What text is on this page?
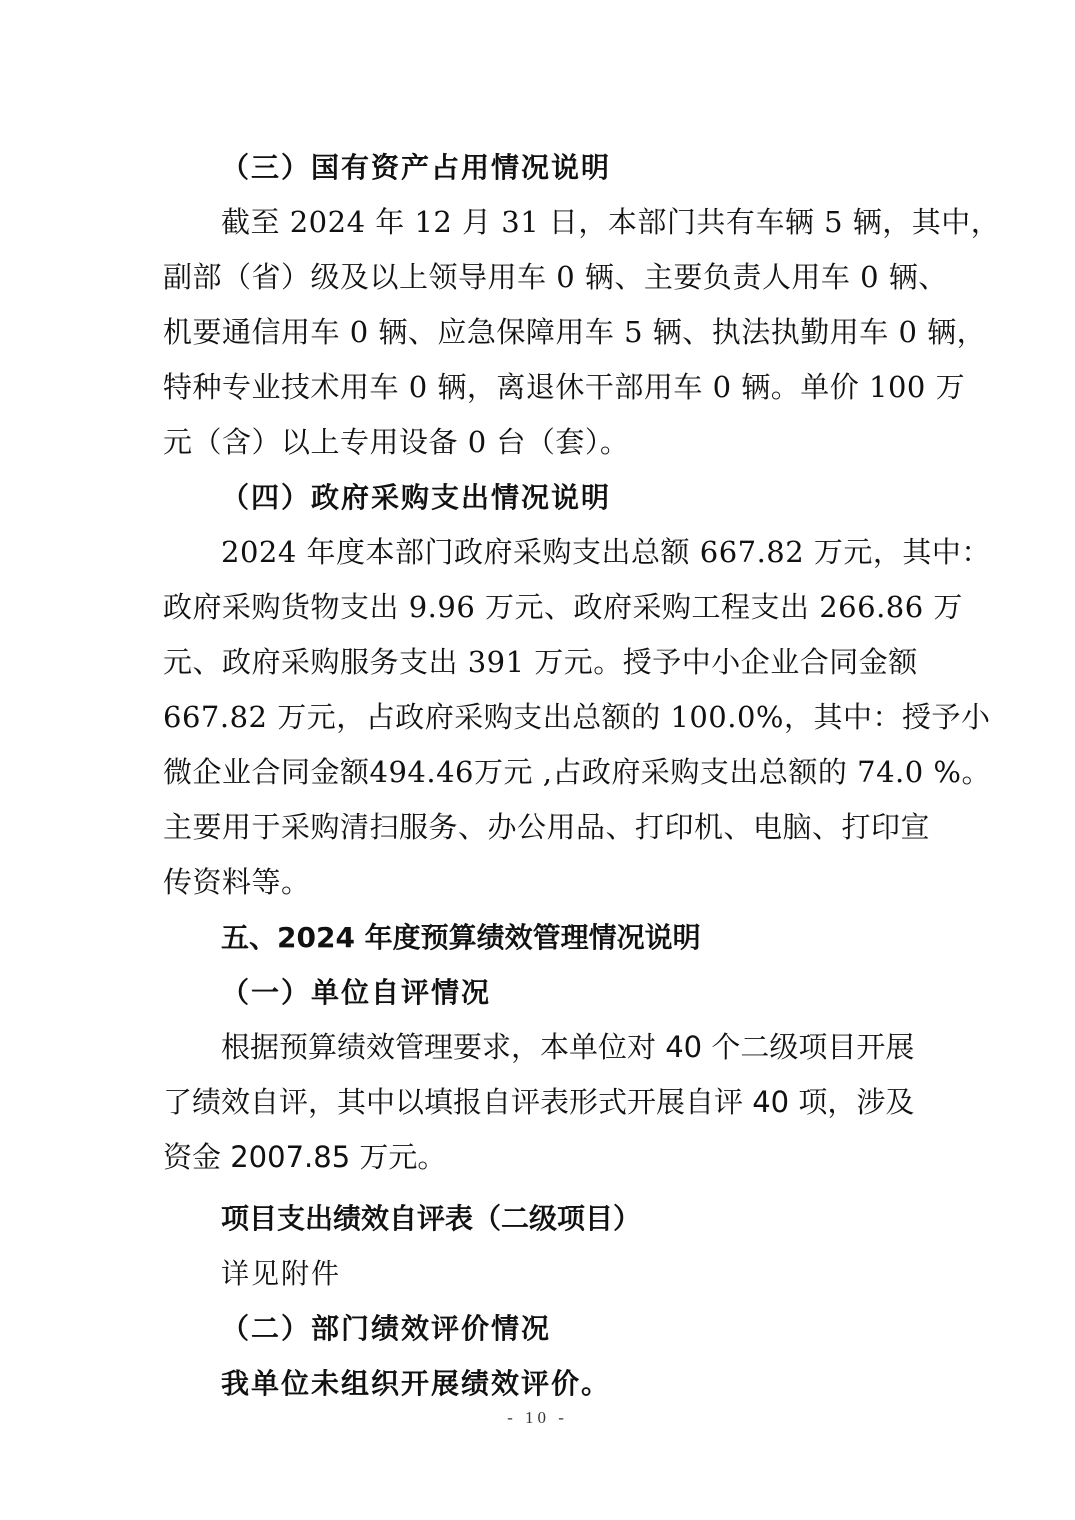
（三）国有资产占用情况说明

截至 2024 年 12 月 31 日，本部门共有车辆 5 辆，其中，

副部（省）级及以上领导用车 0 辆、主要负责人用车 0 辆、

机要通信用车 0 辆、应急保障用车 5 辆、执法执勤用车 0 辆，

特种专业技术用车 0 辆，离退休干部用车 0 辆。单价 100 万

元（含）以上专用设备 0 台（套）。

（四）政府采购支出情况说明

2024 年度本部门政府采购支出总额 667.82 万元，其中：

政府采购货物支出 9.96 万元、政府采购工程支出 266.86 万

元、政府采购服务支出 391 万元。授予中小企业合同金额

667.82 万元，占政府采购支出总额的 100.0%，其中：授予小

微企业合同金额494.46万元 ,占政府采购支出总额的 74.0 %。

主要用于采购清扫服务、办公用品、打印机、电脑、打印宣

传资料等。

五、2024 年度预算绩效管理情况说明

（一）单位自评情况

根据预算绩效管理要求，本单位对 40 个二级项目开展

了绩效自评，其中以填报自评表形式开展自评 40 项，涉及

资金 2007.85 万元。

项目支出绩效自评表（二级项目）

详见附件

（二）部门绩效评价情况

我单位未组织开展绩效评价。

- 10 -
